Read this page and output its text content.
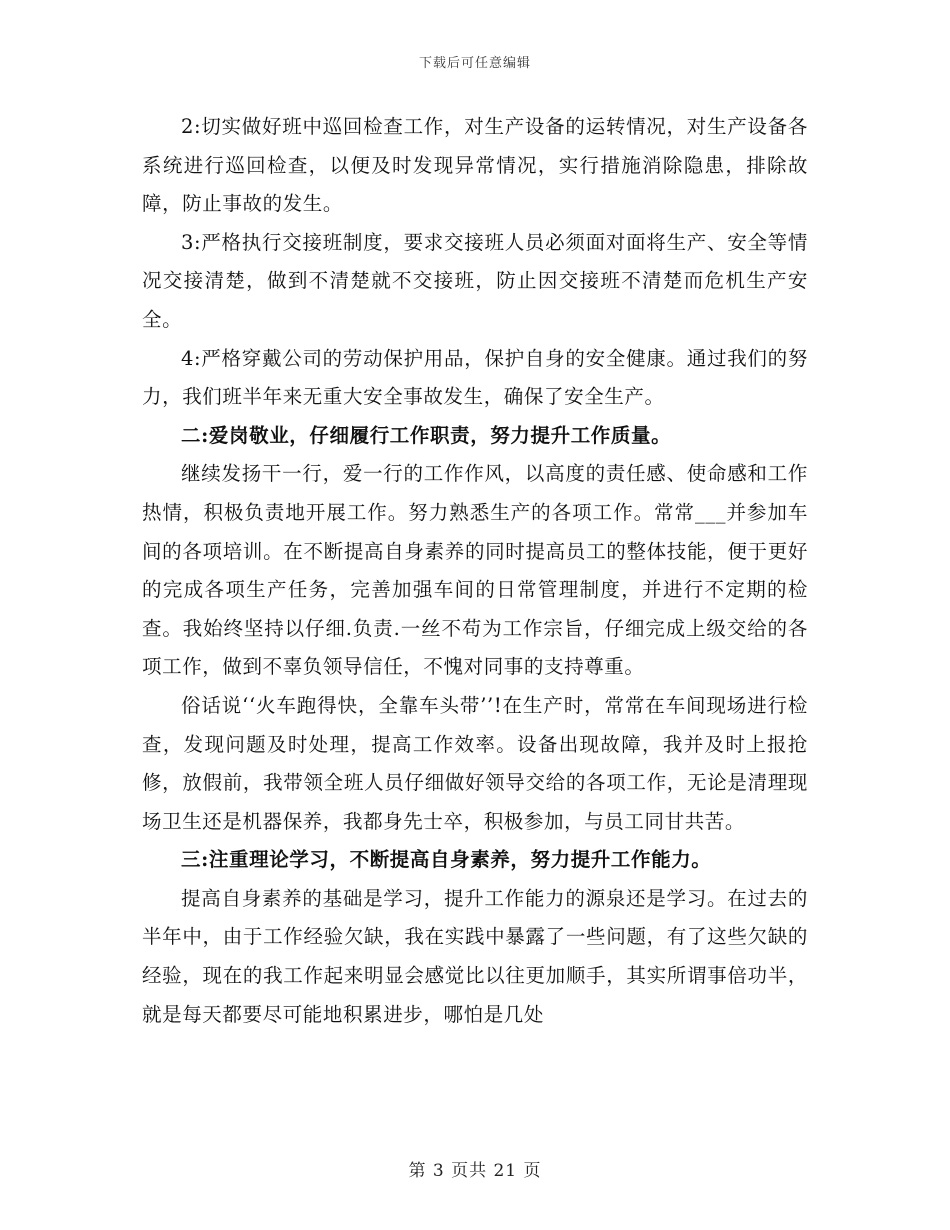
下载后可任意编辑

2:切实做好班中巡回检查工作，对生产设备的运转情况，对生产设备各系统进行巡回检查，以便及时发现异常情况，实行措施消除隐患，排除故障，防止事故的发生。

3:严格执行交接班制度，要求交接班人员必须面对面将生产、安全等情况交接清楚，做到不清楚就不交接班，防止因交接班不清楚而危机生产安全。

4:严格穿戴公司的劳动保护用品，保护自身的安全健康。通过我们的努力，我们班半年来无重大安全事故发生，确保了安全生产。

二:爱岗敬业，仔细履行工作职责，努力提升工作质量。

继续发扬干一行，爱一行的工作作风，以高度的责任感、使命感和工作热情，积极负责地开展工作。努力熟悉生产的各项工作。常常___并参加车间的各项培训。在不断提高自身素养的同时提高员工的整体技能，便于更好的完成各项生产任务，完善加强车间的日常管理制度，并进行不定期的检查。我始终坚持以仔细.负责.一丝不苟为工作宗旨，仔细完成上级交给的各项工作，做到不辜负领导信任，不愧对同事的支持尊重。

俗话说‘‘火车跑得快，全靠车头带’’!在生产时，常常在车间现场进行检查，发现问题及时处理，提高工作效率。设备出现故障，我并及时上报抢修，放假前，我带领全班人员仔细做好领导交给的各项工作，无论是清理现场卫生还是机器保养，我都身先士卒，积极参加，与员工同甘共苦。

三:注重理论学习，不断提高自身素养，努力提升工作能力。

提高自身素养的基础是学习，提升工作能力的源泉还是学习。在过去的半年中，由于工作经验欠缺，我在实践中暴露了一些问题，有了这些欠缺的经验，现在的我工作起来明显会感觉比以往更加顺手，其实所谓事倍功半，就是每天都要尽可能地积累进步，哪怕是几处

第 3 页共 21 页
